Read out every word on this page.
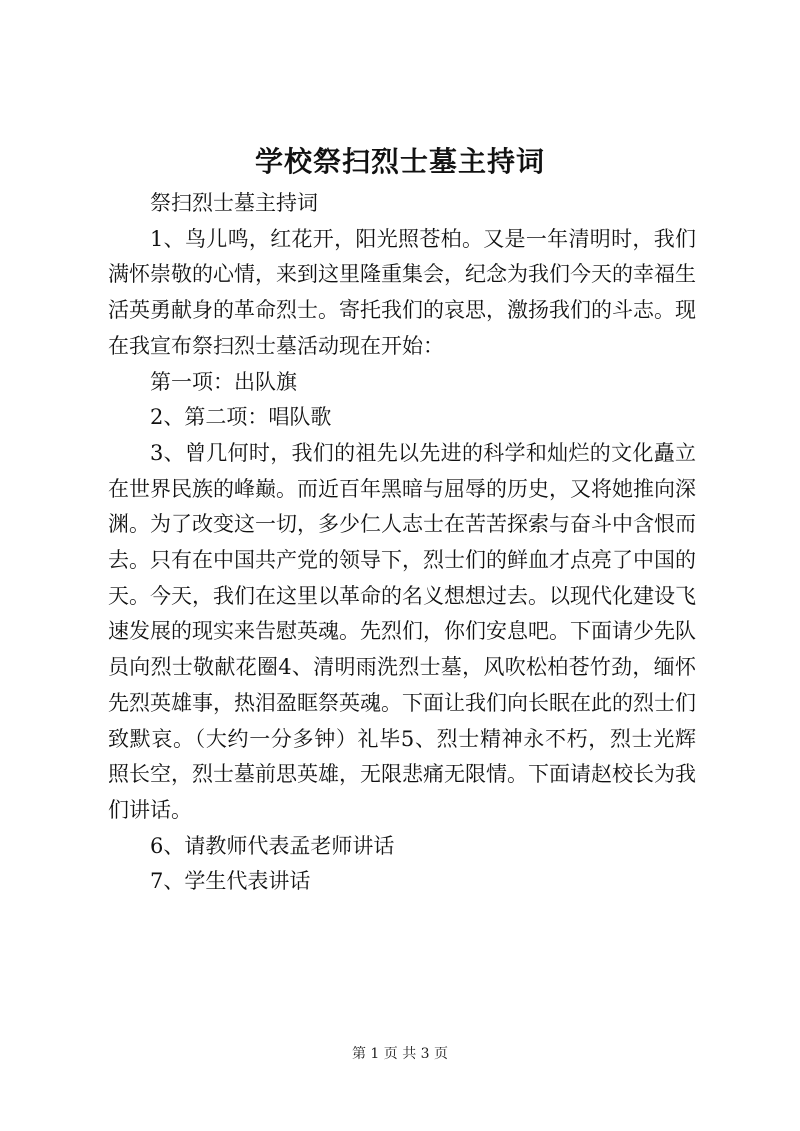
学校祭扫烈士墓主持词

祭扫烈士墓主持词

1、鸟儿鸣，红花开，阳光照苍柏。又是一年清明时，我们满怀崇敬的心情，来到这里隆重集会，纪念为我们今天的幸福生活英勇献身的革命烈士。寄托我们的哀思，激扬我们的斗志。现在我宣布祭扫烈士墓活动现在开始：

第一项：出队旗

2、第二项：唱队歌

3、曾几何时，我们的祖先以先进的科学和灿烂的文化矗立在世界民族的峰巅。而近百年黑暗与屈辱的历史，又将她推向深渊。为了改变这一切，多少仁人志士在苦苦探索与奋斗中含恨而去。只有在中国共产党的领导下，烈士们的鲜血才点亮了中国的天。今天，我们在这里以革命的名义想想过去。以现代化建设飞速发展的现实来告慰英魂。先烈们，你们安息吧。下面请少先队员向烈士敬献花圈4、清明雨洗烈士墓，风吹松柏苍竹劲，缅怀先烈英雄事，热泪盈眶祭英魂。下面让我们向长眠在此的烈士们致默哀。（大约一分多钟）礼毕5、烈士精神永不朽，烈士光辉照长空，烈士墓前思英雄，无限悲痛无限情。下面请赵校长为我们讲话。

6、请教师代表孟老师讲话

7、学生代表讲话

第 1 页 共 3 页
